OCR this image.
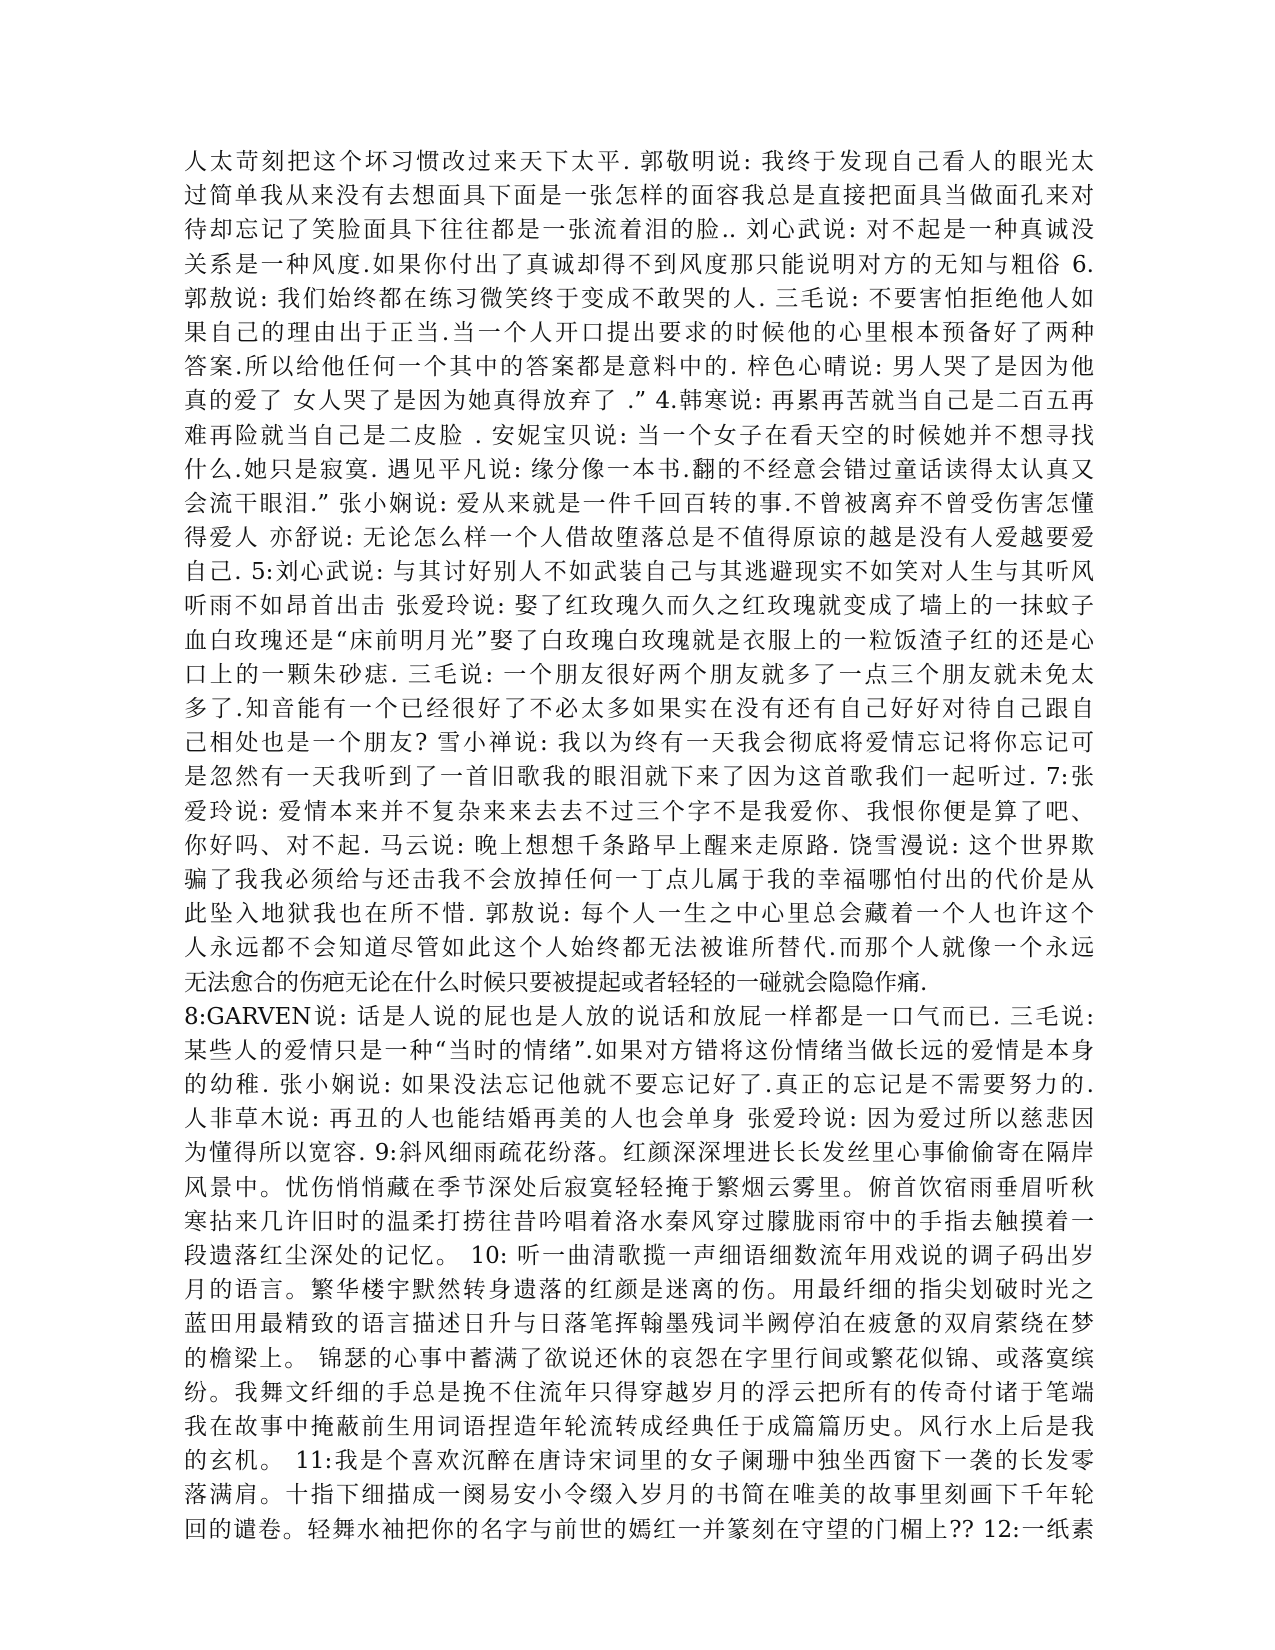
人太苛刻把这个坏习惯改过来天下太平. 郭敬明说: 我终于发现自己看人的眼光太
过简单我从来没有去想面具下面是一张怎样的面容我总是直接把面具当做面孔来对
待却忘记了笑脸面具下往往都是一张流着泪的脸.. 刘心武说: 对不起是一种真诚没
关系是一种风度.如果你付出了真诚却得不到风度那只能说明对方的无知与粗俗 6.
郭敖说: 我们始终都在练习微笑终于变成不敢哭的人. 三毛说: 不要害怕拒绝他人如
果自己的理由出于正当.当一个人开口提出要求的时候他的心里根本预备好了两种
答案.所以给他任何一个其中的答案都是意料中的. 梓色心晴说: 男人哭了是因为他
真的爱了 女人哭了是因为她真得放弃了 .” 4.韩寒说: 再累再苦就当自己是二百五再
难再险就当自己是二皮脸 . 安妮宝贝说: 当一个女子在看天空的时候她并不想寻找
什么.她只是寂寞. 遇见平凡说: 缘分像一本书.翻的不经意会错过童话读得太认真又
会流干眼泪.” 张小娴说: 爱从来就是一件千回百转的事.不曾被离弃不曾受伤害怎懂
得爱人 亦舒说: 无论怎么样一个人借故堕落总是不值得原谅的越是没有人爱越要爱
自己. 5:刘心武说: 与其讨好别人不如武装自己与其逃避现实不如笑对人生与其听风
听雨不如昂首出击 张爱玲说: 娶了红玫瑰久而久之红玫瑰就变成了墙上的一抹蚊子
血白玫瑰还是“床前明月光”娶了白玫瑰白玫瑰就是衣服上的一粒饭渣子红的还是心
口上的一颗朱砂痣. 三毛说: 一个朋友很好两个朋友就多了一点三个朋友就未免太
多了.知音能有一个已经很好了不必太多如果实在没有还有自己好好对待自己跟自
己相处也是一个朋友? 雪小禅说: 我以为终有一天我会彻底将爱情忘记将你忘记可
是忽然有一天我听到了一首旧歌我的眼泪就下来了因为这首歌我们一起听过. 7:张
爱玲说: 爱情本来并不复杂来来去去不过三个字不是我爱你、我恨你便是算了吧、
你好吗、对不起. 马云说: 晚上想想千条路早上醒来走原路. 饶雪漫说: 这个世界欺
骗了我我必须给与还击我不会放掉任何一丁点儿属于我的幸福哪怕付出的代价是从
此坠入地狱我也在所不惜. 郭敖说: 每个人一生之中心里总会藏着一个人也许这个
人永远都不会知道尽管如此这个人始终都无法被谁所替代.而那个人就像一个永远
无法愈合的伤疤无论在什么时候只要被提起或者轻轻的一碰就会隐隐作痛.
8:GARVEN说: 话是人说的屁也是人放的说话和放屁一样都是一口气而已. 三毛说:
某些人的爱情只是一种“当时的情绪”.如果对方错将这份情绪当做长远的爱情是本身
的幼稚. 张小娴说: 如果没法忘记他就不要忘记好了.真正的忘记是不需要努力的.
人非草木说: 再丑的人也能结婚再美的人也会单身 张爱玲说: 因为爱过所以慈悲因
为懂得所以宽容. 9:斜风细雨疏花纷落。红颜深深埋进长长发丝里心事偷偷寄在隔岸
风景中。忧伤悄悄藏在季节深处后寂寞轻轻掩于繁烟云雾里。俯首饮宿雨垂眉听秋
寒拈来几许旧时的温柔打捞往昔吟唱着洛水秦风穿过朦胧雨帘中的手指去触摸着一
段遗落红尘深处的记忆。 10: 听一曲清歌揽一声细语细数流年用戏说的调子码出岁
月的语言。繁华楼宇默然转身遗落的红颜是迷离的伤。用最纤细的指尖划破时光之
蓝田用最精致的语言描述日升与日落笔挥翰墨残词半阙停泊在疲惫的双肩萦绕在梦
的檐梁上。 锦瑟的心事中蓄满了欲说还休的哀怨在字里行间或繁花似锦、或落寞缤
纷。我舞文纤细的手总是挽不住流年只得穿越岁月的浮云把所有的传奇付诸于笔端
我在故事中掩蔽前生用词语捏造年轮流转成经典任于成篇篇历史。风行水上后是我
的玄机。 11:我是个喜欢沉醉在唐诗宋词里的女子阑珊中独坐西窗下一袭的长发零
落满肩。十指下细描成一阕易安小令缀入岁月的书简在唯美的故事里刻画下千年轮
回的谴卷。轻舞水袖把你的名字与前世的嫣红一并篆刻在守望的门楣上?? 12:一纸素
